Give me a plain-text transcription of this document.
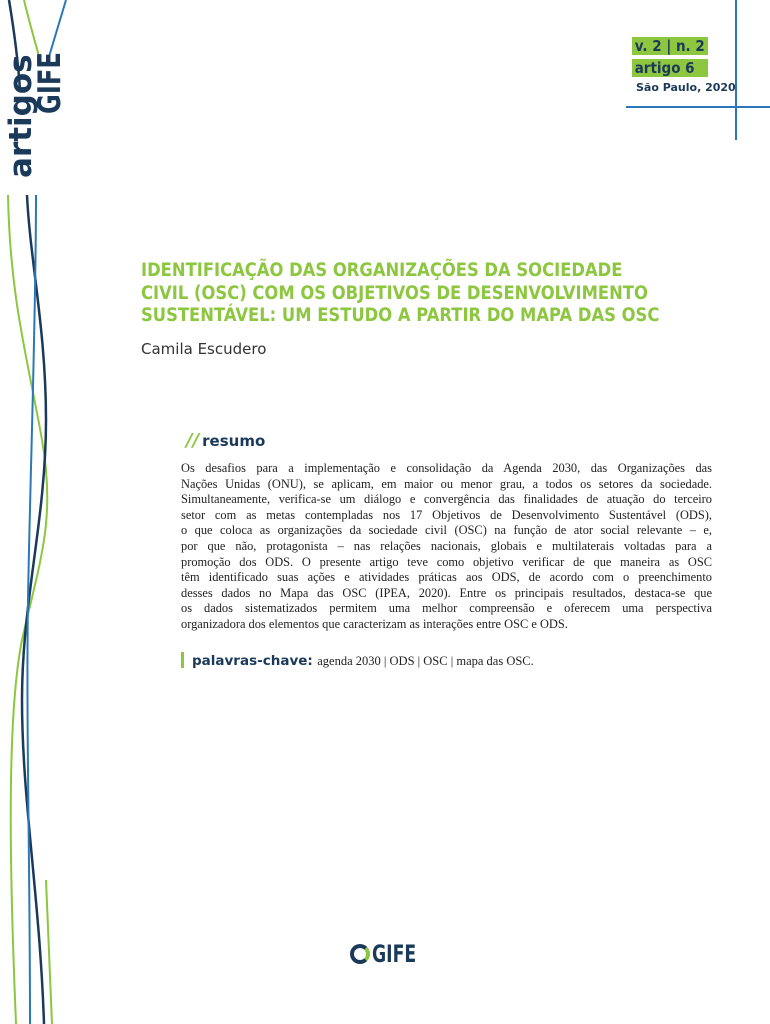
artigos
GIFE
v. 2 | n. 2
artigo 6
São Paulo, 2020
IDENTIFICAÇÃO DAS ORGANIZAÇÕES DA SOCIEDADE
CIVIL (OSC) COM OS OBJETIVOS DE DESENVOLVIMENTO
SUSTENTÁVEL: UM ESTUDO A PARTIR DO MAPA DAS OSC
Camila Escudero
// resumo

Os desafios para a implementação e consolidação da Agenda 2030, das Organizações das
Nações Unidas (ONU), se aplicam, em maior ou menor grau, a todos os setores da sociedade.
Simultaneamente, verifica-se um diálogo e convergência das finalidades de atuação do terceiro
setor com as metas contempladas nos 17 Objetivos de Desenvolvimento Sustentável (ODS),
o que coloca as organizações da sociedade civil (OSC) na função de ator social relevante – e,
por que não, protagonista – nas relações nacionais, globais e multilaterais voltadas para a
promoção dos ODS. O presente artigo teve como objetivo verificar de que maneira as OSC
têm identificado suas ações e atividades práticas aos ODS, de acordo com o preenchimento
desses dados no Mapa das OSC (IPEA, 2020). Entre os principais resultados, destaca-se que
os dados sistematizados permitem uma melhor compreensão e oferecem uma perspectiva
organizadora dos elementos que caracterizam as interações entre OSC e ODS.

palavras-chave: agenda 2030 | ODS | OSC | mapa das OSC.
GIFE
